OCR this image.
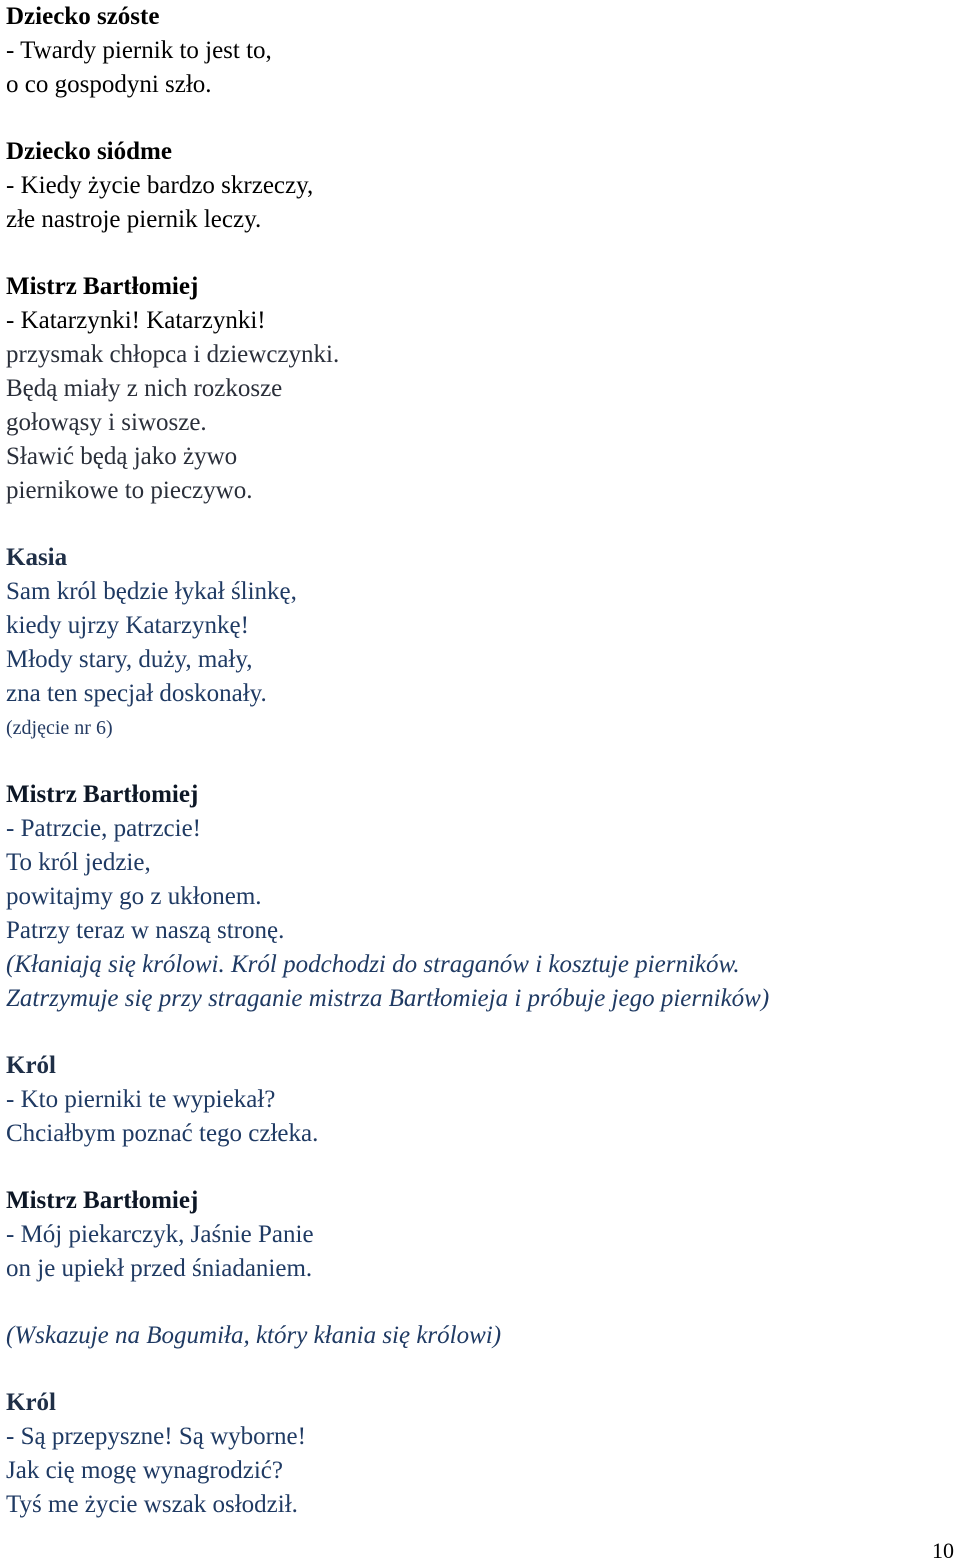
Dziecko szóste
- Twardy piernik to jest to,
o co gospodyni szło.
Dziecko siódme
- Kiedy życie bardzo skrzeczy,
złe nastroje piernik leczy.
Mistrz Bartłomiej
- Katarzynki! Katarzynki!
przysmak chłopca i dziewczynki.
Będą miały z nich rozkosze
gołowąsy i siwosze.
Sławić będą jako żywo
piernikowe to pieczywo.
Kasia
Sam król będzie łykał ślinkę,
kiedy ujrzy Katarzynkę!
Młody stary, duży, mały,
zna ten specjał doskonały.
(zdjęcie nr 6)
Mistrz Bartłomiej
- Patrzcie, patrzcie!
To król jedzie,
powitajmy go z ukłonem.
Patrzy teraz w naszą stronę.
(Kłaniają się królowi. Król podchodzi do straganów i kosztuje pierników.
Zatrzymuje się przy straganie mistrza Bartłomieja i próbuje jego pierników)
Król
- Kto pierniki te wypiekał?
Chciałbym poznać tego człeka.
Mistrz Bartłomiej
- Mój piekarczyk, Jaśnie Panie
on je upiekł przed śniadaniem.
(Wskazuje na Bogumiła, który kłania się królowi)
Król
- Są przepyszne! Są wyborne!
Jak cię mogę wynagrodzić?
Tyś me życie wszak osłodził.
10
